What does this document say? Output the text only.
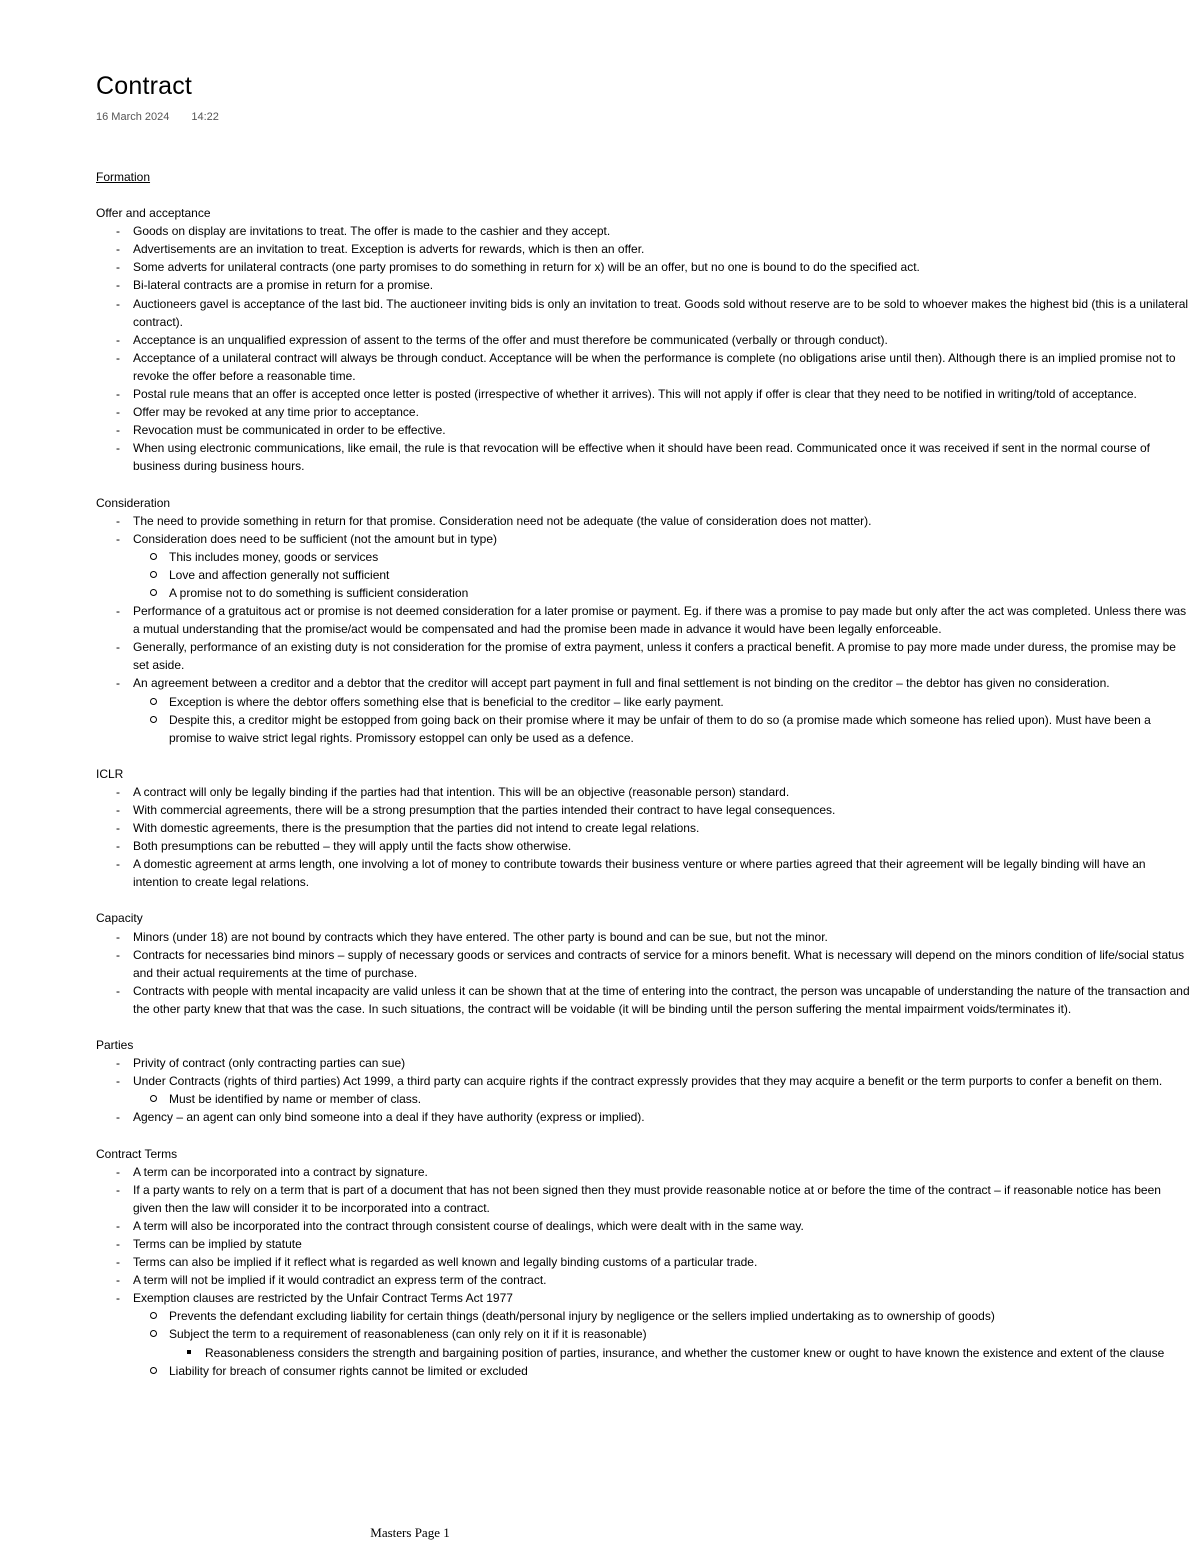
Contract
16 March 2024 14:22
Formation
Offer and acceptance
- Goods on display are invitations to treat. The offer is made to the cashier and they accept.
- Advertisements are an invitation to treat. Exception is adverts for rewards, which is then an offer.
- Some adverts for unilateral contracts (one party promises to do something in return for x) will be an offer, but no one is bound to do the specified act.
- Bi-lateral contracts are a promise in return for a promise.
- Auctioneers gavel is acceptance of the last bid. The auctioneer inviting bids is only an invitation to treat. Goods sold without reserve are to be sold to whoever makes the highest bid (this is a unilateral contract).
- Acceptance is an unqualified expression of assent to the terms of the offer and must therefore be communicated (verbally or through conduct).
- Acceptance of a unilateral contract will always be through conduct. Acceptance will be when the performance is complete (no obligations arise until then). Although there is an implied promise not to revoke the offer before a reasonable time.
- Postal rule means that an offer is accepted once letter is posted (irrespective of whether it arrives). This will not apply if offer is clear that they need to be notified in writing/told of acceptance.
- Offer may be revoked at any time prior to acceptance.
- Revocation must be communicated in order to be effective.
- When using electronic communications, like email, the rule is that revocation will be effective when it should have been read. Communicated once it was received if sent in the normal course of business during business hours.
Consideration
- The need to provide something in return for that promise. Consideration need not be adequate (the value of consideration does not matter).
- Consideration does need to be sufficient (not the amount but in type)
This includes money, goods or services
Love and affection generally not sufficient
A promise not to do something is sufficient consideration
- Performance of a gratuitous act or promise is not deemed consideration for a later promise or payment. Eg. if there was a promise to pay made but only after the act was completed. Unless there was a mutual understanding that the promise/act would be compensated and had the promise been made in advance it would have been legally enforceable.
- Generally, performance of an existing duty is not consideration for the promise of extra payment, unless it confers a practical benefit. A promise to pay more made under duress, the promise may be set aside.
- An agreement between a creditor and a debtor that the creditor will accept part payment in full and final settlement is not binding on the creditor – the debtor has given no consideration.
Exception is where the debtor offers something else that is beneficial to the creditor – like early payment.
Despite this, a creditor might be estopped from going back on their promise where it may be unfair of them to do so (a promise made which someone has relied upon). Must have been a promise to waive strict legal rights. Promissory estoppel can only be used as a defence.
ICLR
- A contract will only be legally binding if the parties had that intention. This will be an objective (reasonable person) standard.
- With commercial agreements, there will be a strong presumption that the parties intended their contract to have legal consequences.
- With domestic agreements, there is the presumption that the parties did not intend to create legal relations.
- Both presumptions can be rebutted – they will apply until the facts show otherwise.
- A domestic agreement at arms length, one involving a lot of money to contribute towards their business venture or where parties agreed that their agreement will be legally binding will have an intention to create legal relations.
Capacity
- Minors (under 18) are not bound by contracts which they have entered. The other party is bound and can be sue, but not the minor.
- Contracts for necessaries bind minors – supply of necessary goods or services and contracts of service for a minors benefit. What is necessary will depend on the minors condition of life/social status and their actual requirements at the time of purchase.
- Contracts with people with mental incapacity are valid unless it can be shown that at the time of entering into the contract, the person was uncapable of understanding the nature of the transaction and the other party knew that that was the case. In such situations, the contract will be voidable (it will be binding until the person suffering the mental impairment voids/terminates it).
Parties
- Privity of contract (only contracting parties can sue)
- Under Contracts (rights of third parties) Act 1999, a third party can acquire rights if the contract expressly provides that they may acquire a benefit or the term purports to confer a benefit on them.
Must be identified by name or member of class.
- Agency – an agent can only bind someone into a deal if they have authority (express or implied).
Contract Terms
- A term can be incorporated into a contract by signature.
- If a party wants to rely on a term that is part of a document that has not been signed then they must provide reasonable notice at or before the time of the contract – if reasonable notice has been given then the law will consider it to be incorporated into a contract.
- A term will also be incorporated into the contract through consistent course of dealings, which were dealt with in the same way.
- Terms can be implied by statute
- Terms can also be implied if it reflect what is regarded as well known and legally binding customs of a particular trade.
- A term will not be implied if it would contradict an express term of the contract.
- Exemption clauses are restricted by the Unfair Contract Terms Act 1977
Prevents the defendant excluding liability for certain things (death/personal injury by negligence or the sellers implied undertaking as to ownership of goods)
Subject the term to a requirement of reasonableness (can only rely on it if it is reasonable)
Reasonableness considers the strength and bargaining position of parties, insurance, and whether the customer knew or ought to have known the existence and extent of the clause
Liability for breach of consumer rights cannot be limited or excluded
Masters Page 1
